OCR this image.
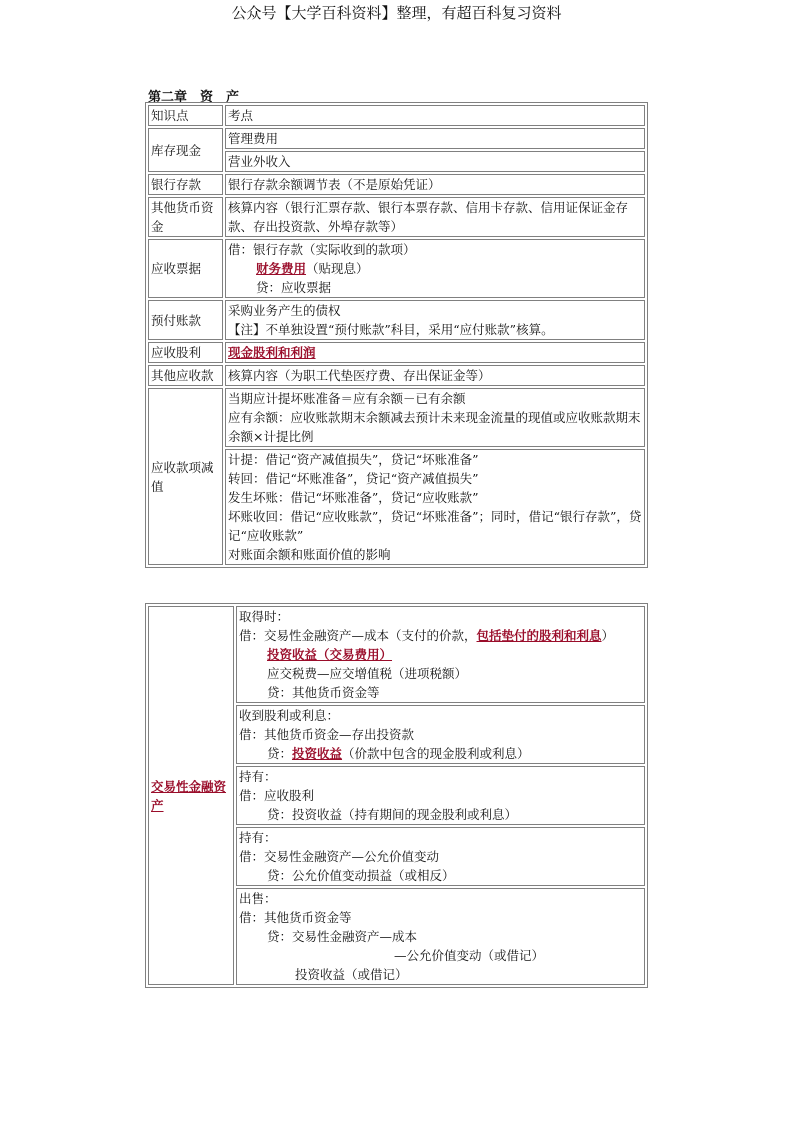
公众号【大学百科资料】整理，有超百科复习资料
第二章　资　产
知识点	考点
库存现金	管理费用
	营业外收入
银行存款	银行存款余额调节表（不是原始凭证）
其他货币资金	核算内容（银行汇票存款、银行本票存款、信用卡存款、信用证保证金存款、存出投资款、外埠存款等）
应收票据	借：银行存款（实际收到的款项）
财务费用（贴现息）
贷：应收票据

预付账款	采购业务产生的债权
【注】不单独设置“预付账款”科目，采用“应付账款”核算。

应收股利	现金股利和利润
其他应收款	核算内容（为职工代垫医疗费、存出保证金等）
应收款项减值	当期应计提坏账准备＝应有余额－已有余额
应有余额：应收账款期末余额减去预计未来现金流量的现值或应收账款期末余额×计提比例

	计提：借记“资产减值损失”，贷记“坏账准备”
转回：借记“坏账准备”，贷记“资产减值损失”
发生坏账：借记“坏账准备”，贷记“应收账款”
坏账收回：借记“应收账款”，贷记“坏账准备”；同时，借记“银行存款”，贷记“应收账款”
对账面余额和账面价值的影响
交易性金融资产	
取得时：
借：交易性金融资产—成本（支付的价款，包括垫付的股利和利息）
投资收益（交易费用）
应交税费—应交增值税（进项税额）
贷：其他货币资金等

收到股利或利息：
借：其他货币资金—存出投资款
贷：投资收益（价款中包含的现金股利或利息）

持有：
借：应收股利
贷：投资收益（持有期间的现金股利或利息）

持有：
借：交易性金融资产—公允价值变动
贷：公允价值变动损益（或相反）

出售：
借：其他货币资金等
贷：交易性金融资产—成本
—公允价值变动（或借记）
投资收益（或借记）
